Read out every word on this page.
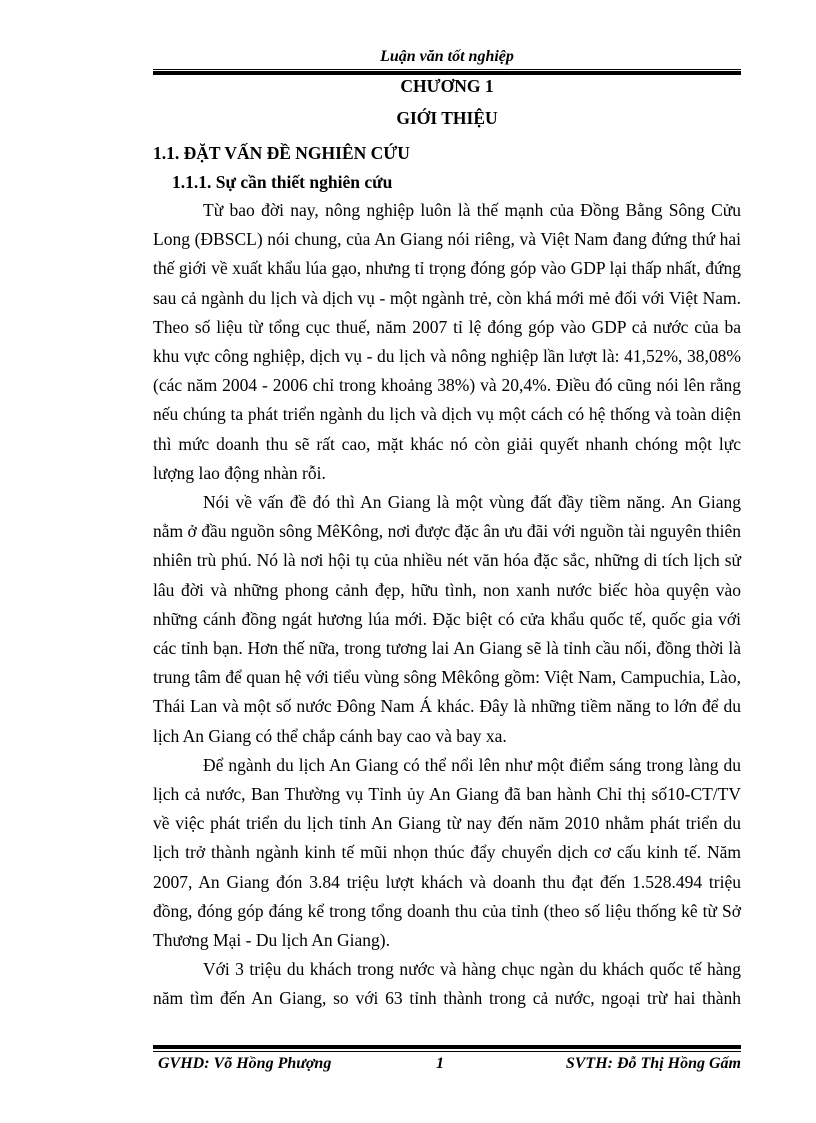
Luận văn tốt nghiệp
CHƯƠNG 1
GIỚI THIỆU
1.1. ĐẶT VẤN ĐỀ NGHIÊN CỨU
1.1.1. Sự cần thiết nghiên cứu

Từ bao đời nay, nông nghiệp luôn là thế mạnh của Đồng Bằng Sông Cửu Long (ĐBSCL) nói chung, của An Giang nói riêng, và Việt Nam đang đứng thứ hai thế giới về xuất khẩu lúa gạo, nhưng tỉ trọng đóng góp vào GDP lại thấp nhất, đứng sau cả ngành du lịch và dịch vụ - một ngành trẻ, còn khá mới mẻ đối với Việt Nam. Theo số liệu từ tổng cục thuế, năm 2007 tỉ lệ đóng góp vào GDP cả nước của ba khu vực công nghiệp, dịch vụ - du lịch và nông nghiệp lần lượt là: 41,52%, 38,08% (các năm 2004 - 2006 chỉ trong khoảng 38%) và 20,4%. Điều đó cũng nói lên rằng nếu chúng ta phát triển ngành du lịch và dịch vụ một cách có hệ thống và toàn diện thì mức doanh thu sẽ rất cao, mặt khác nó còn giải quyết nhanh chóng một lực lượng lao động nhàn rỗi.

Nói về vấn đề đó thì An Giang là một vùng đất đầy tiềm năng. An Giang nằm ở đầu nguồn sông MêKông, nơi được đặc ân ưu đãi với nguồn tài nguyên thiên nhiên trù phú. Nó là nơi hội tụ của nhiều nét văn hóa đặc sắc, những di tích lịch sử lâu đời và những phong cảnh đẹp, hữu tình, non xanh nước biếc hòa quyện vào những cánh đồng ngát hương lúa mới. Đặc biệt có cửa khẩu quốc tế, quốc gia với các tỉnh bạn. Hơn thế nữa, trong tương lai An Giang sẽ là tỉnh cầu nối, đồng thời là trung tâm để quan hệ với tiểu vùng sông Mêkông gồm: Việt Nam, Campuchia, Lào, Thái Lan và một số nước Đông Nam Á khác. Đây là những tiềm năng to lớn để du lịch An Giang có thể chắp cánh bay cao và bay xa.

Để ngành du lịch An Giang có thể nổi lên như một điểm sáng trong làng du lịch cả nước, Ban Thường vụ Tỉnh ủy An Giang đã ban hành Chỉ thị số10-CT/TV về việc phát triển du lịch tỉnh An Giang từ nay đến năm 2010 nhằm phát triển du lịch trở thành ngành kinh tế mũi nhọn thúc đẩy chuyển dịch cơ cấu kinh tế. Năm 2007, An Giang đón 3.84 triệu lượt khách và doanh thu đạt đến 1.528.494 triệu đồng, đóng góp đáng kể trong tổng doanh thu của tỉnh (theo số liệu thống kê từ Sở Thương Mại - Du lịch An Giang).

Với 3 triệu du khách trong nước và hàng chục ngàn du khách quốc tế hàng năm tìm đến An Giang, so với 63 tỉnh thành trong cả nước, ngoại trừ hai thành

GVHD: Võ Hồng Phượng	1	SVTH: Đỗ Thị Hồng Gấm
